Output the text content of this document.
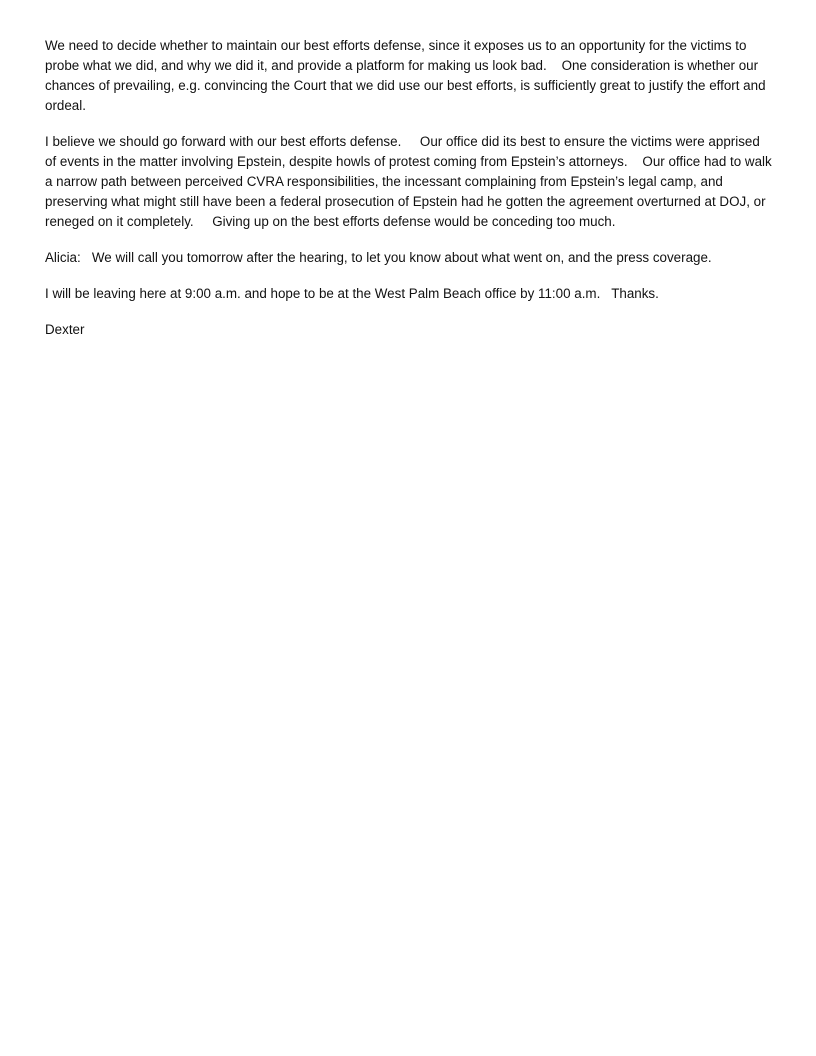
We need to decide whether to maintain our best efforts defense, since it exposes us to an opportunity for the victims to probe what we did, and why we did it, and provide a platform for making us look bad.    One consideration is whether our chances of prevailing, e.g. convincing the Court that we did use our best efforts, is sufficiently great to justify the effort and ordeal.

I believe we should go forward with our best efforts defense.     Our office did its best to ensure the victims were apprised of events in the matter involving Epstein, despite howls of protest coming from Epstein’s attorneys.    Our office had to walk a narrow path between perceived CVRA responsibilities, the incessant complaining from Epstein’s legal camp, and preserving what might still have been a federal prosecution of Epstein had he gotten the agreement overturned at DOJ, or reneged on it completely.     Giving up on the best efforts defense would be conceding too much.

Alicia:   We will call you tomorrow after the hearing, to let you know about what went on, and the press coverage.

I will be leaving here at 9:00 a.m. and hope to be at the West Palm Beach office by 11:00 a.m.   Thanks.

Dexter
